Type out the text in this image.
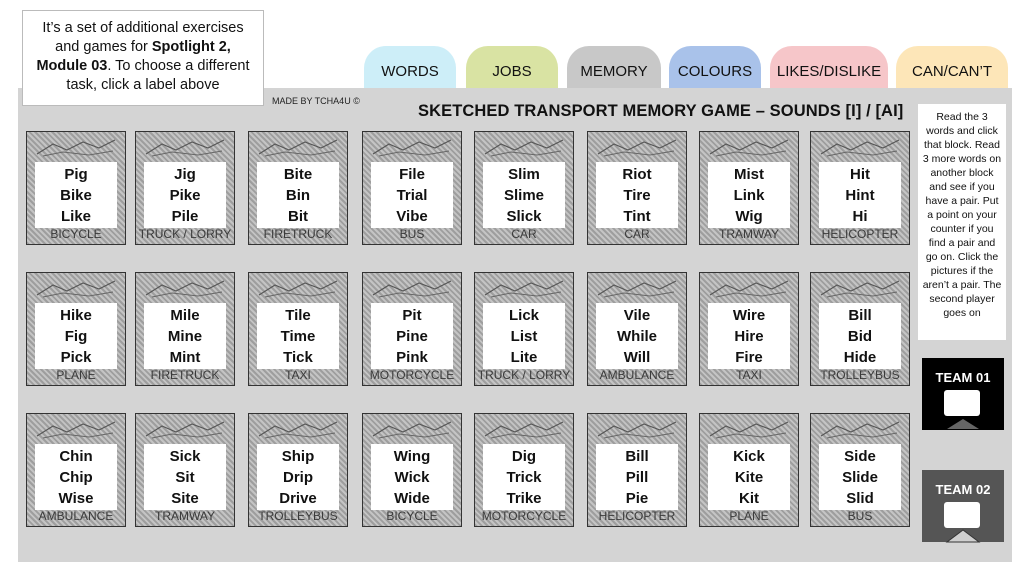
It’s a set of additional exercises and games for Spotlight 2, Module 03. To choose a different task, click a label above
WORDS	JOBS	MEMORY	COLOURS	LIKES/DISLIKE	CAN/CAN’T
MADE BY TCHA4U ©
SKETCHED TRANSPORT MEMORY GAME – SOUNDS [I] / [AI]
Pig
Bike
Like
BICYCLE
Jig
Pike
Pile
TRUCK / LORRY
Bite
Bin
Bit
FIRETRUCK
File
Trial
Vibe
BUS
Slim
Slime
Slick
CAR
Riot
Tire
Tint
CAR
Mist
Link
Wig
TRAMWAY
Hit
Hint
Hi
HELICOPTER
Hike
Fig
Pick
PLANE
Mile
Mine
Mint
FIRETRUCK
Tile
Time
Tick
TAXI
Pit
Pine
Pink
MOTORCYCLE
Lick
List
Lite
TRUCK / LORRY
Vile
While
Will
AMBULANCE
Wire
Hire
Fire
TAXI
Bill
Bid
Hide
TROLLEYBUS
Chin
Chip
Wise
AMBULANCE
Sick
Sit
Site
TRAMWAY
Ship
Drip
Drive
TROLLEYBUS
Wing
Wick
Wide
BICYCLE
Dig
Trick
Trike
MOTORCYCLE
Bill
Pill
Pie
HELICOPTER
Kick
Kite
Kit
PLANE
Side
Slide
Slid
BUS
Read the 3 words and click that block. Read 3 more words on another block and see if you have a pair. Put a point on your counter if you find a pair and go on. Click the pictures if the aren’t a pair. The second player goes on
TEAM 01
TEAM 02
